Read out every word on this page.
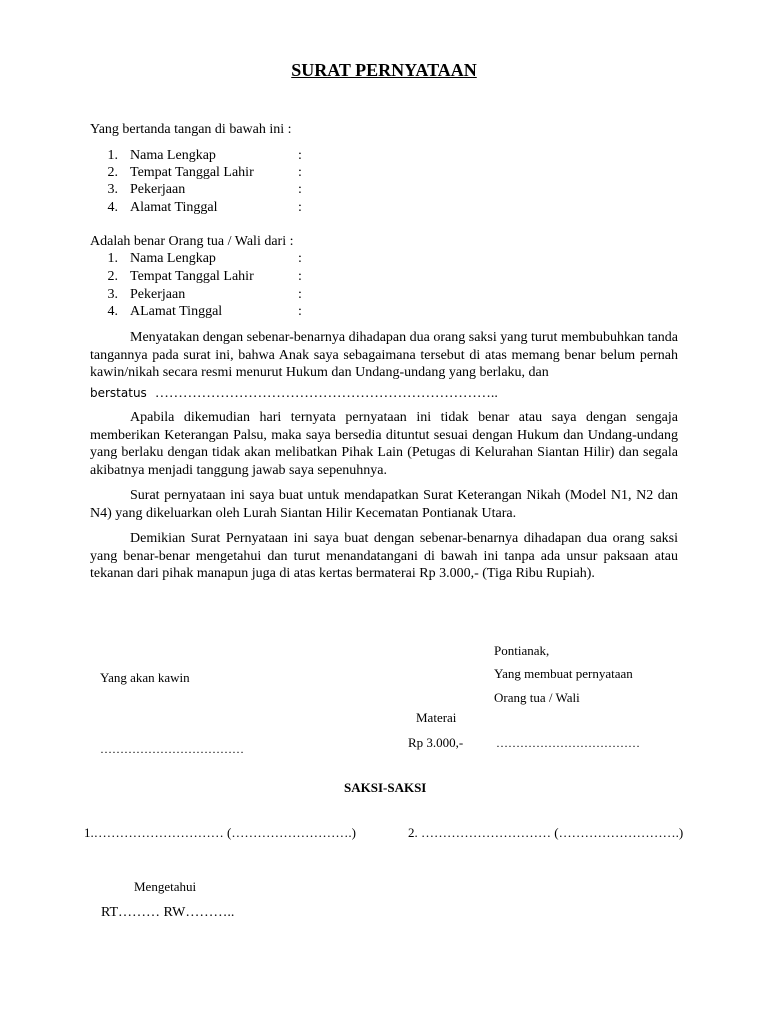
SURAT PERNYATAAN
Yang bertanda tangan di bawah ini :
1. Nama Lengkap	:
2. Tempat Tanggal Lahir	:
3. Pekerjaan	:
4. Alamat Tinggal	:
Adalah benar Orang tua / Wali dari :
1. Nama Lengkap	:
2. Tempat Tanggal Lahir	:
3. Pekerjaan	:
4. ALamat Tinggal	:

Menyatakan dengan sebenar-benarnya dihadapan dua orang saksi yang turut membubuhkan tanda tangannya pada surat ini, bahwa Anak saya sebagaimana tersebut di atas memang benar belum pernah kawin/nikah secara resmi menurut Hukum dan Undang-undang yang berlaku, dan

berstatus ………………………………………………………………..

Apabila dikemudian hari ternyata pernyataan ini tidak benar atau saya dengan sengaja memberikan Keterangan Palsu, maka saya bersedia dituntut sesuai dengan Hukum dan Undang-undang yang berlaku dengan tidak akan melibatkan Pihak Lain (Petugas di Kelurahan Siantan Hilir) dan segala akibatnya menjadi tanggung jawab saya sepenuhnya.

Surat pernyataan ini saya buat untuk mendapatkan Surat Keterangan Nikah (Model N1, N2 dan N4) yang dikeluarkan oleh Lurah Siantan Hilir Kecematan Pontianak Utara.

Demikian Surat Pernyataan ini saya buat dengan sebenar-benarnya dihadapan dua orang saksi yang benar-benar mengetahui dan turut menandatangani di bawah ini tanpa ada unsur paksaan atau tekanan dari pihak manapun juga di atas kertas bermaterai Rp 3.000,- (Tiga Ribu Rupiah).

Pontianak,
Yang membuat pernyataan
Yang akan kawin
Orang tua / Wali
Materai
Rp 3.000,-
………………………………	………………………………
SAKSI-SAKSI
1.………………………… (……………………….)	2. ………………………… (……………………….)
Mengetahui
RT……… RW………..
